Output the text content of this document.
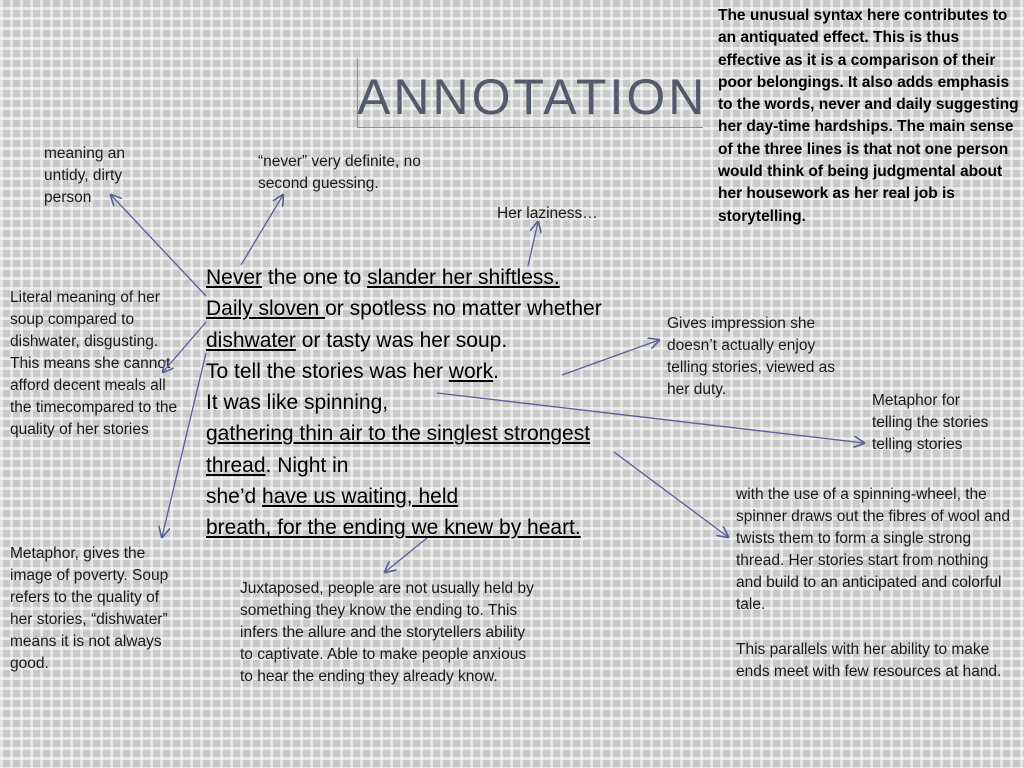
ANNOTATION
Never the one to slander her shiftless.
Daily sloven or spotless no matter whether
dishwater or tasty was her soup.
To tell the stories was her work.
It was like spinning,
gathering thin air to the singlest strongest
thread. Night in
she’d have us waiting, held
breath, for the ending we knew by heart.
meaning an untidy, dirty person
“never” very definite, no second guessing.
Her laziness…
The unusual syntax here contributes to an antiquated effect. This is thus effective as it is a comparison of their poor belongings. It also adds emphasis to the words, never and daily suggesting her day-time hardships. The main sense of the three lines is that not one person would think of being judgmental about her housework as her real job is storytelling.
Literal meaning of her soup compared to dishwater, disgusting. This means she cannot afford decent meals all the timecompared to the quality of her stories
Gives impression she doesn’t actually enjoy telling stories, viewed as her duty.
Metaphor for telling the stories telling stories
with the use of a spinning-wheel, the spinner draws out the fibres of wool and twists them to form a single strong thread. Her stories start from nothing and build to an anticipated and colorful tale.
This parallels with her ability to make ends meet with few resources at hand.
Metaphor, gives the image of poverty. Soup refers to the quality of her stories, “dishwater” means it is not always good.
Juxtaposed, people are not usually held by something they know the ending to. This infers the allure and the storytellers ability to captivate. Able to make people anxious to hear the ending they already know.
